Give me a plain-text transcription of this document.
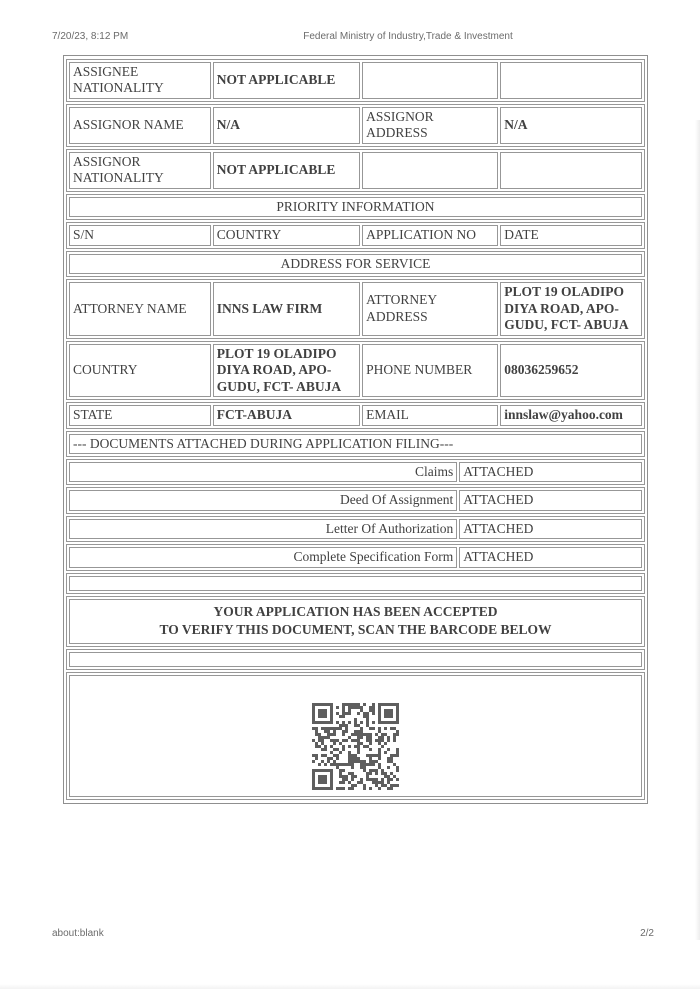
7/20/23, 8:12 PM	Federal Ministry of Industry,Trade & Investment
ASSIGNEE NATIONALITY	NOT APPLICABLE		
ASSIGNOR NAME	N/A	ASSIGNOR ADDRESS	N/A
ASSIGNOR NATIONALITY	NOT APPLICABLE		
PRIORITY INFORMATION
S/N	COUNTRY	APPLICATION NO	DATE
ADDRESS FOR SERVICE
ATTORNEY NAME	INNS LAW FIRM	ATTORNEY ADDRESS	PLOT 19 OLADIPO DIYA ROAD, APO-GUDU, FCT- ABUJA
COUNTRY	PLOT 19 OLADIPO DIYA ROAD, APO-GUDU, FCT- ABUJA	PHONE NUMBER	08036259652
STATE	FCT-ABUJA	EMAIL	innslaw@yahoo.com
--- DOCUMENTS ATTACHED DURING APPLICATION FILING---
Claims	ATTACHED
Deed Of Assignment	ATTACHED
Letter Of Authorization	ATTACHED
Complete Specification Form	ATTACHED
YOUR APPLICATION HAS BEEN ACCEPTED
TO VERIFY THIS DOCUMENT, SCAN THE BARCODE BELOW
about:blank	2/2
